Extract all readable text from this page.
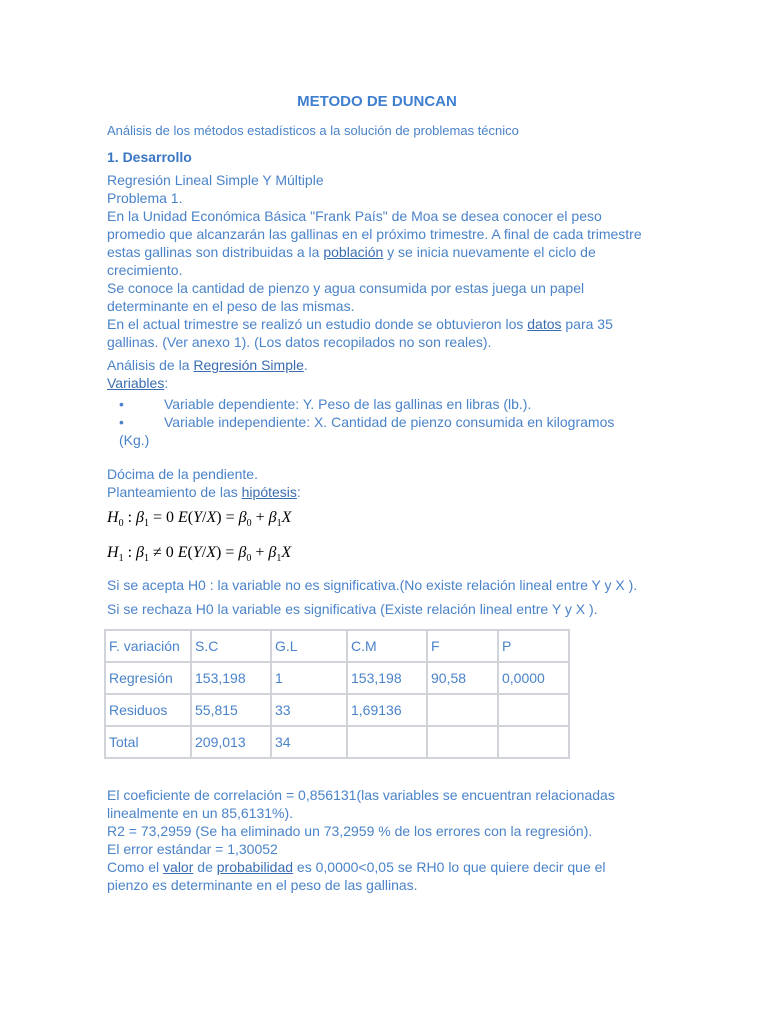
METODO DE DUNCAN
Análisis de los métodos estadísticos a la solución de problemas técnico
1. Desarrollo

Regresión Lineal Simple Y Múltiple

Problema 1.

En la Unidad Económica Básica "Frank País" de Moa se desea conocer el peso promedio que alcanzarán las gallinas en el próximo trimestre. A final de cada trimestre estas gallinas son distribuidas a la población y se inicia nuevamente el ciclo de crecimiento.

Se conoce la cantidad de pienzo y agua consumida por estas juega un papel determinante en el peso de las mismas.

En el actual trimestre se realizó un estudio donde se obtuvieron los datos para 35 gallinas. (Ver anexo 1). (Los datos recopilados no son reales).

Análisis de la Regresión Simple.

Variables:

•	Variable dependiente: Y. Peso de las gallinas en libras (lb.).
•	Variable independiente: X. Cantidad de pienzo consumida en kilogramos (Kg.)

Dócima de la pendiente.

Planteamiento de las hipótesis:

$H_0$ : $\beta_1 = 0$ $E(Y/X) = \beta_0 + \beta_1X$
$H_1$ : $\beta_1 \ne 0$ $E(Y/X) = \beta_0 + \beta_1X$

Si se acepta H0 : la variable no es significativa.(No existe relación lineal entre Y y X ).

Si se rechaza H0 la variable es significativa (Existe relación lineal entre Y y X ).

F. variación	S.C	G.L	C.M	F	P
Regresión	153,198	1	153,198	90,58	0,0000
Residuos	55,815	33	1,69136		
Total	209,013	34			

El coeficiente de correlación = 0,856131(las variables se encuentran relacionadas linealmente en un 85,6131%).

R2 = 73,2959 (Se ha eliminado un 73,2959 % de los errores con la regresión).

El error estándar = 1,30052

Como el valor de probabilidad es 0,0000<0,05 se RH0 lo que quiere decir que el pienzo es determinante en el peso de las gallinas.
